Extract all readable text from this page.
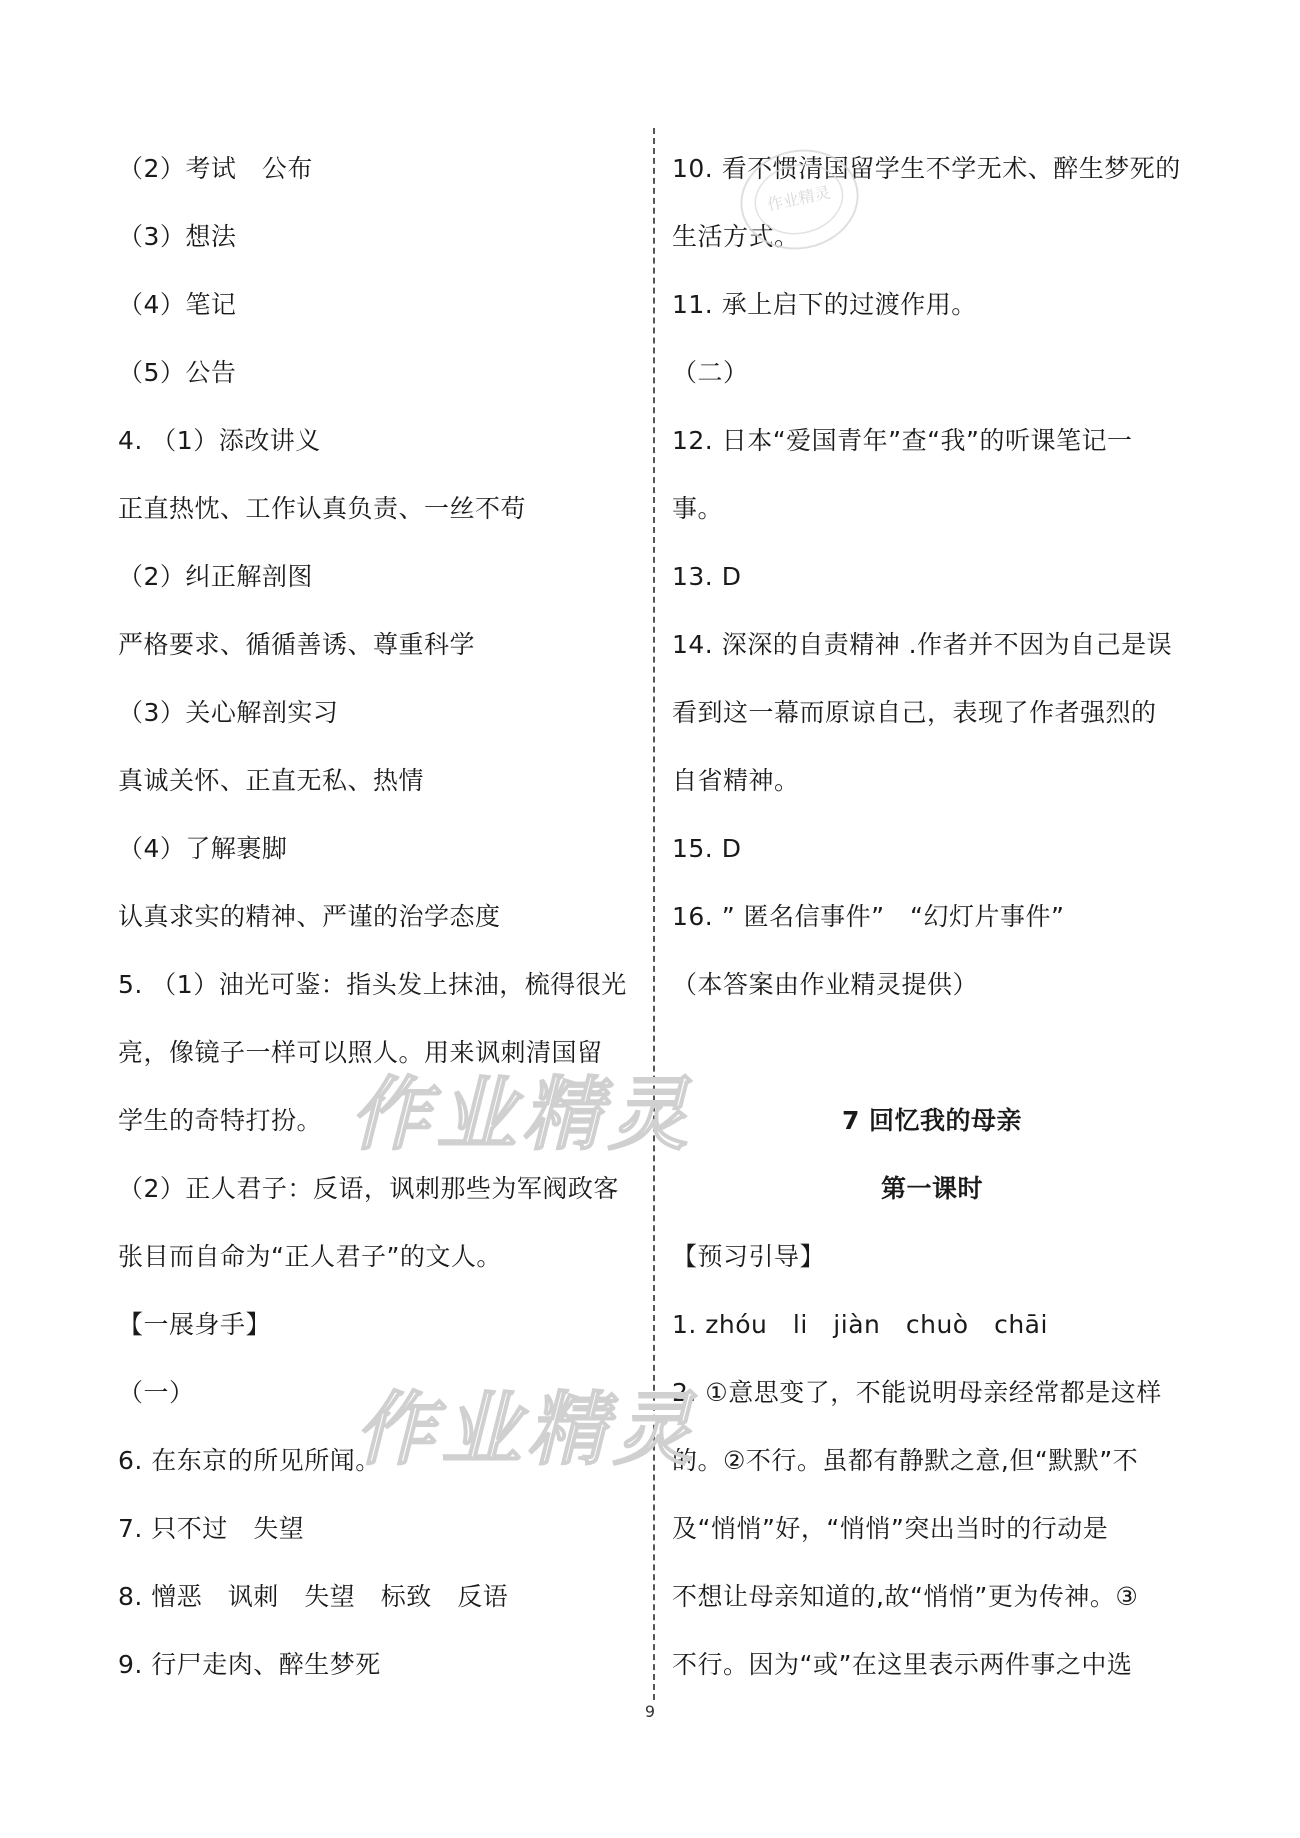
（2）考试　公布
（3）想法
（4）笔记
（5）公告
4. （1）添改讲义
正直热忱、工作认真负责、一丝不苟
（2）纠正解剖图
严格要求、循循善诱、尊重科学
（3）关心解剖实习
真诚关怀、正直无私、热情
（4）了解裹脚
认真求实的精神、严谨的治学态度
5. （1）油光可鉴：指头发上抹油，梳得很光
亮，像镜子一样可以照人。用来讽刺清国留
学生的奇特打扮。
（2）正人君子：反语，讽刺那些为军阀政客
张目而自命为“正人君子”的文人。
【一展身手】
（一）
6. 在东京的所见所闻。
7. 只不过　失望
8. 憎恶　讽刺　失望　标致　反语
9. 行尸走肉、醉生梦死
10. 看不惯清国留学生不学无术、醉生梦死的
生活方式。
11. 承上启下的过渡作用。
（二）
12. 日本“爱国青年”查“我”的听课笔记一
事。
13. D
14. 深深的自责精神 .作者并不因为自己是误
看到这一幕而原谅自己，表现了作者强烈的
自省精神。
15. D
16. ” 匿名信事件”　“幻灯片事件”
（本答案由作业精灵提供）
7 回忆我的母亲
第一课时
【预习引导】
1. zhóu　li　jiàn　chuò　chāi
2. ①意思变了，不能说明母亲经常都是这样
的。②不行。虽都有静默之意,但“默默”不
及“悄悄”好，“悄悄”突出当时的行动是
不想让母亲知道的,故“悄悄”更为传神。③
不行。因为“或”在这里表示两件事之中选
作业精灵
作业精灵
作业精灵
9
